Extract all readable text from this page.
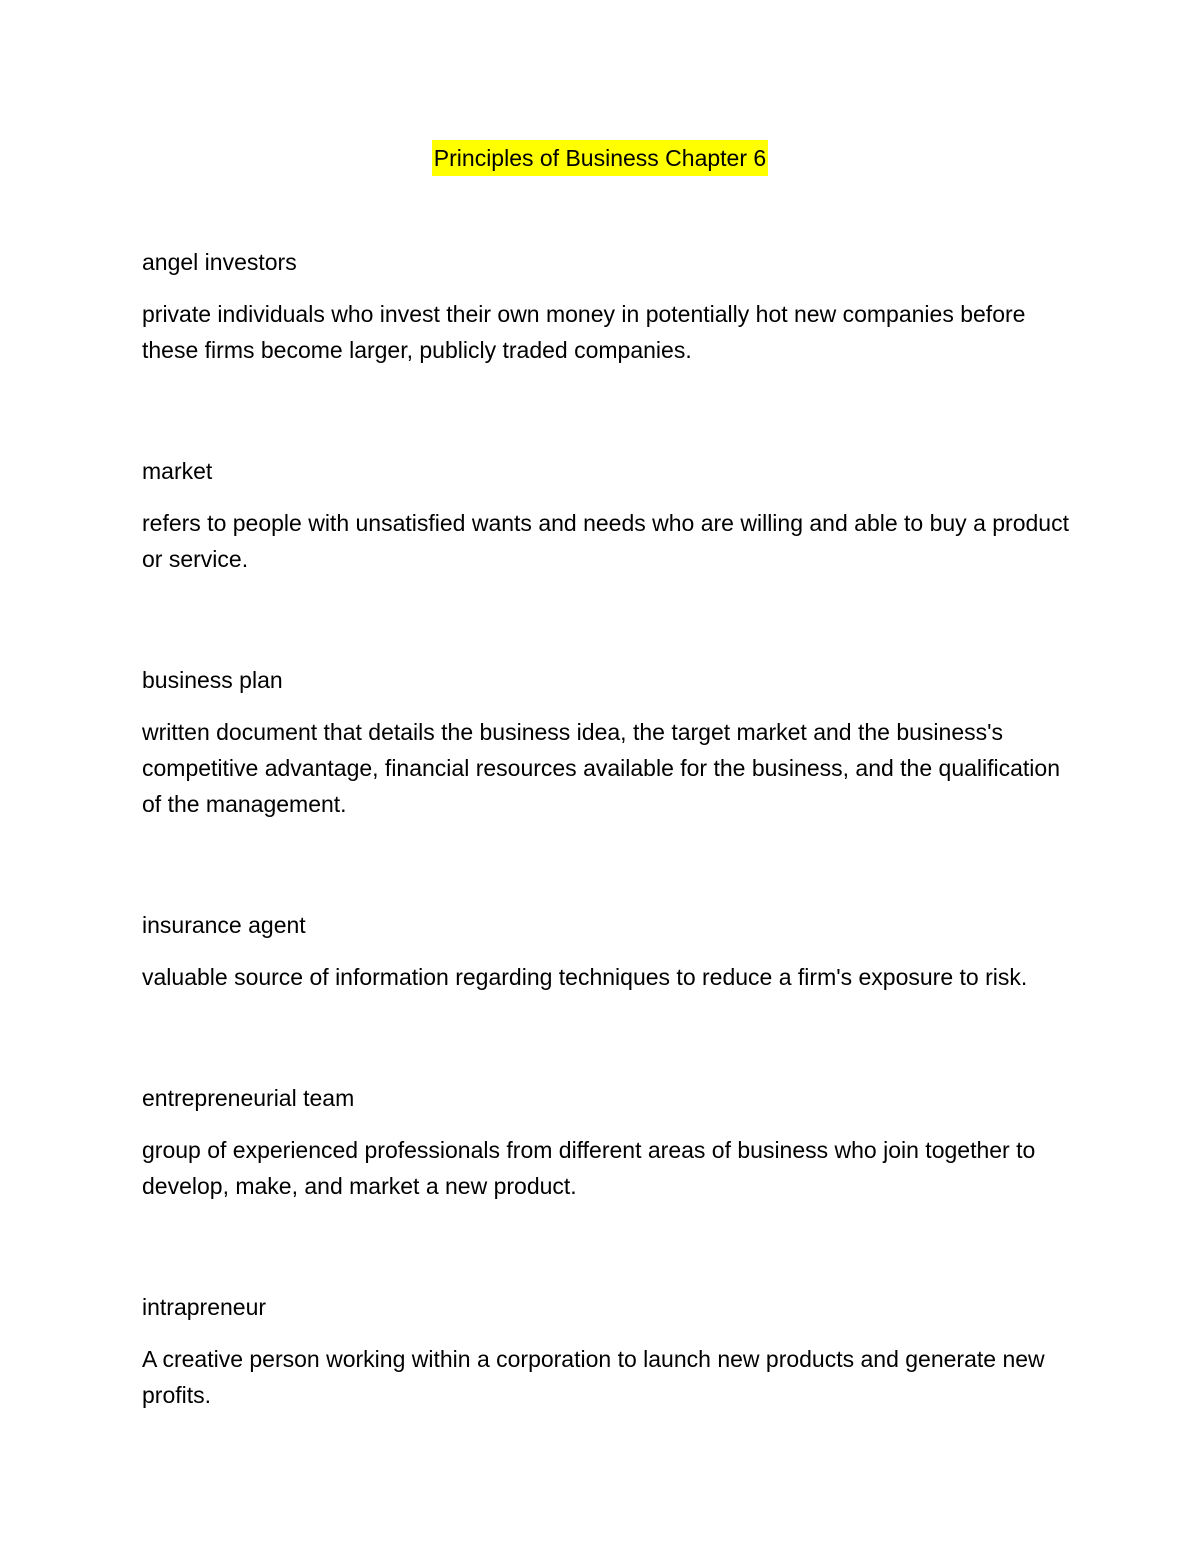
Principles of Business Chapter 6

angel investors

private individuals who invest their own money in potentially hot new companies before these firms become larger, publicly traded companies.

market

refers to people with unsatisfied wants and needs who are willing and able to buy a product or service.

business plan

written document that details the business idea, the target market and the business's competitive advantage, financial resources available for the business, and the qualification of the management.

insurance agent

valuable source of information regarding techniques to reduce a firm's exposure to risk.

entrepreneurial team

group of experienced professionals from different areas of business who join together to develop, make, and market a new product.

intrapreneur

A creative person working within a corporation to launch new products and generate new profits.
